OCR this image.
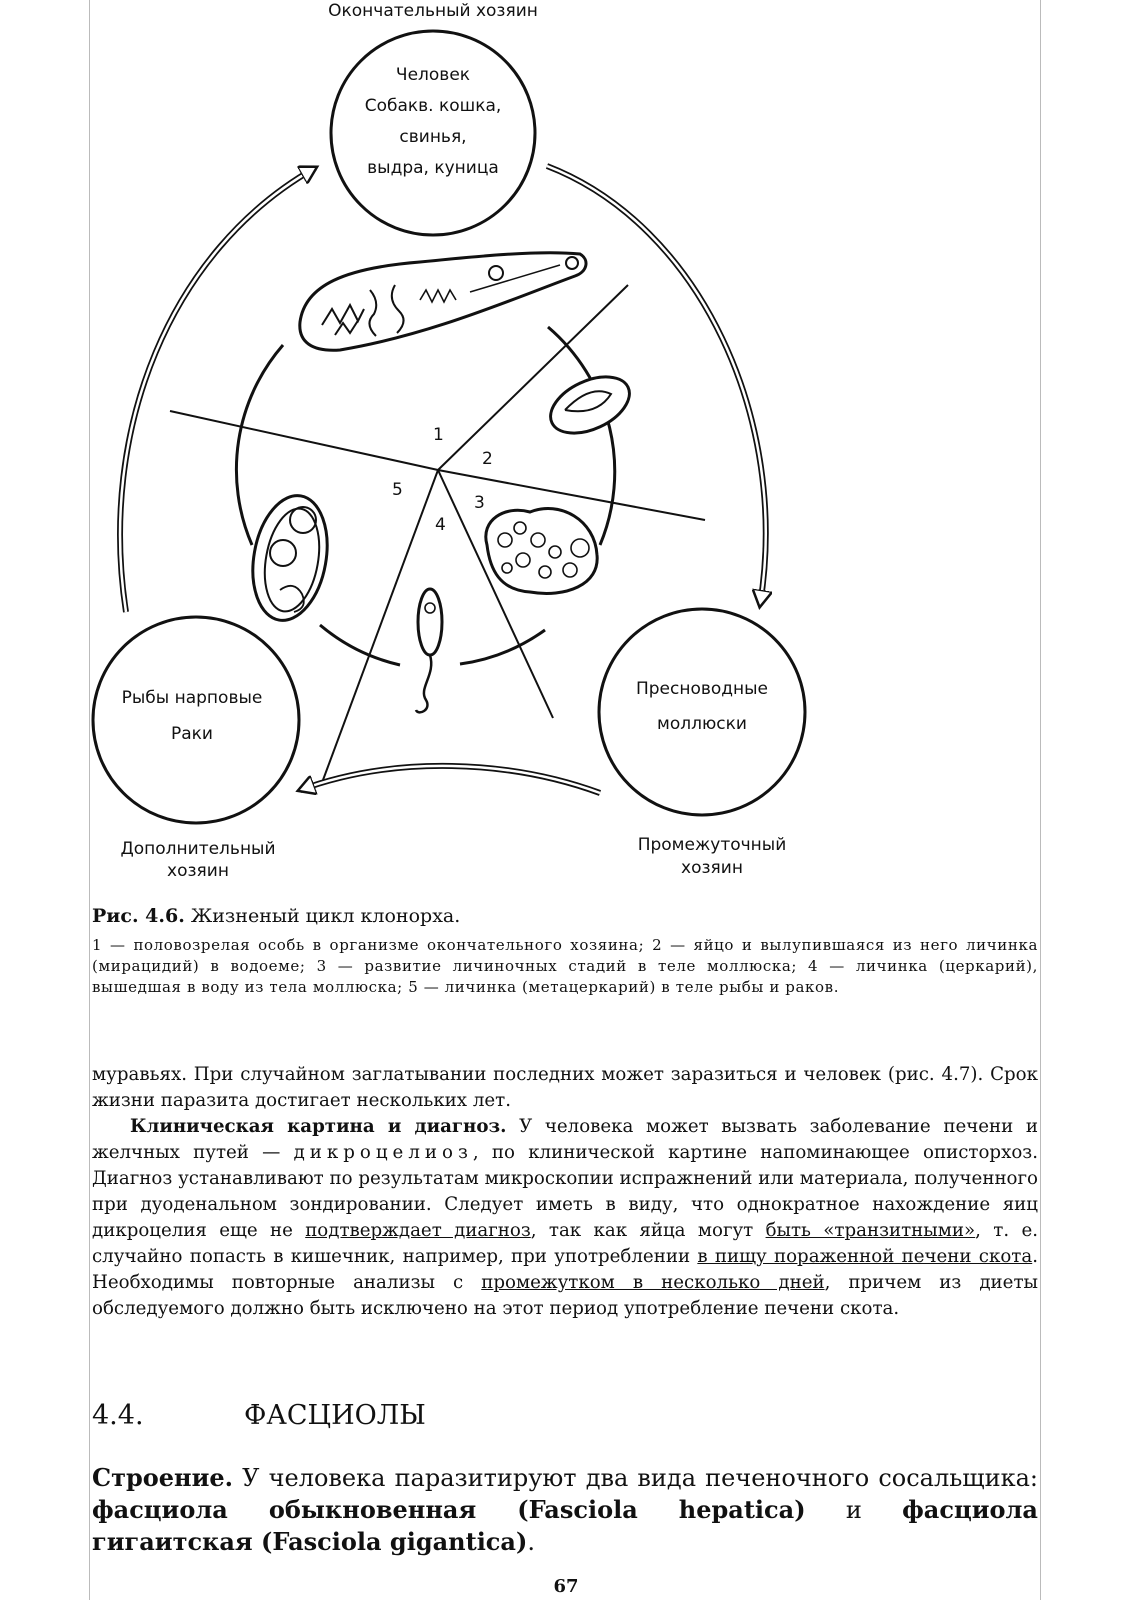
Окончательный хозяин
Человек
Собакв. кошка,
свинья,
выдра, куница
Пресноводные
моллюски
Рыбы нарповые
Раки
Промежуточный
хозяин
Дополнительный
хозяин
1
2
3
4
5

Рис. 4.6. Жизненый цикл клонорха.

1 — половозрелая особь в организме окончательного хозяина; 2 — яйцо и вылупившаяся из него личинка (мирацидий) в водоеме; 3 — развитие личиночных стадий в теле моллюска; 4 — личинка (церкарий), вышедшая в воду из тела моллюска; 5 — личинка (метацеркарий) в теле рыбы и раков.

муравьях. При случайном заглатывании последних может заразиться и человек (рис. 4.7). Срок жизни паразита достигает нескольких лет.

Клиническая картина и диагноз. У человека может вызвать заболевание печени и желчных путей — дикроцелиоз, по клинической картине напоминающее описторхоз. Диагноз устанавливают по результатам микроскопии испражнений или материала, полученного при дуоденальном зондировании. Следует иметь в виду, что однократное нахождение яиц дикроцелия еще не подтверждает диагноз, так как яйца могут быть «транзитными», т. е. случайно попасть в кишечник, например, при употреблении в пищу пораженной печени скота. Необходимы повторные анализы с промежутком в несколько дней, причем из диеты обследуемого должно быть исключено на этот период употребление печени скота.

4.4.	ФАСЦИОЛЫ

Строение. У человека паразитируют два вида печеночного сосальщика: фасциола обыкновенная (Fasciola hepatica) и фасциола гигаитская (Fasciola gigantica).

67
